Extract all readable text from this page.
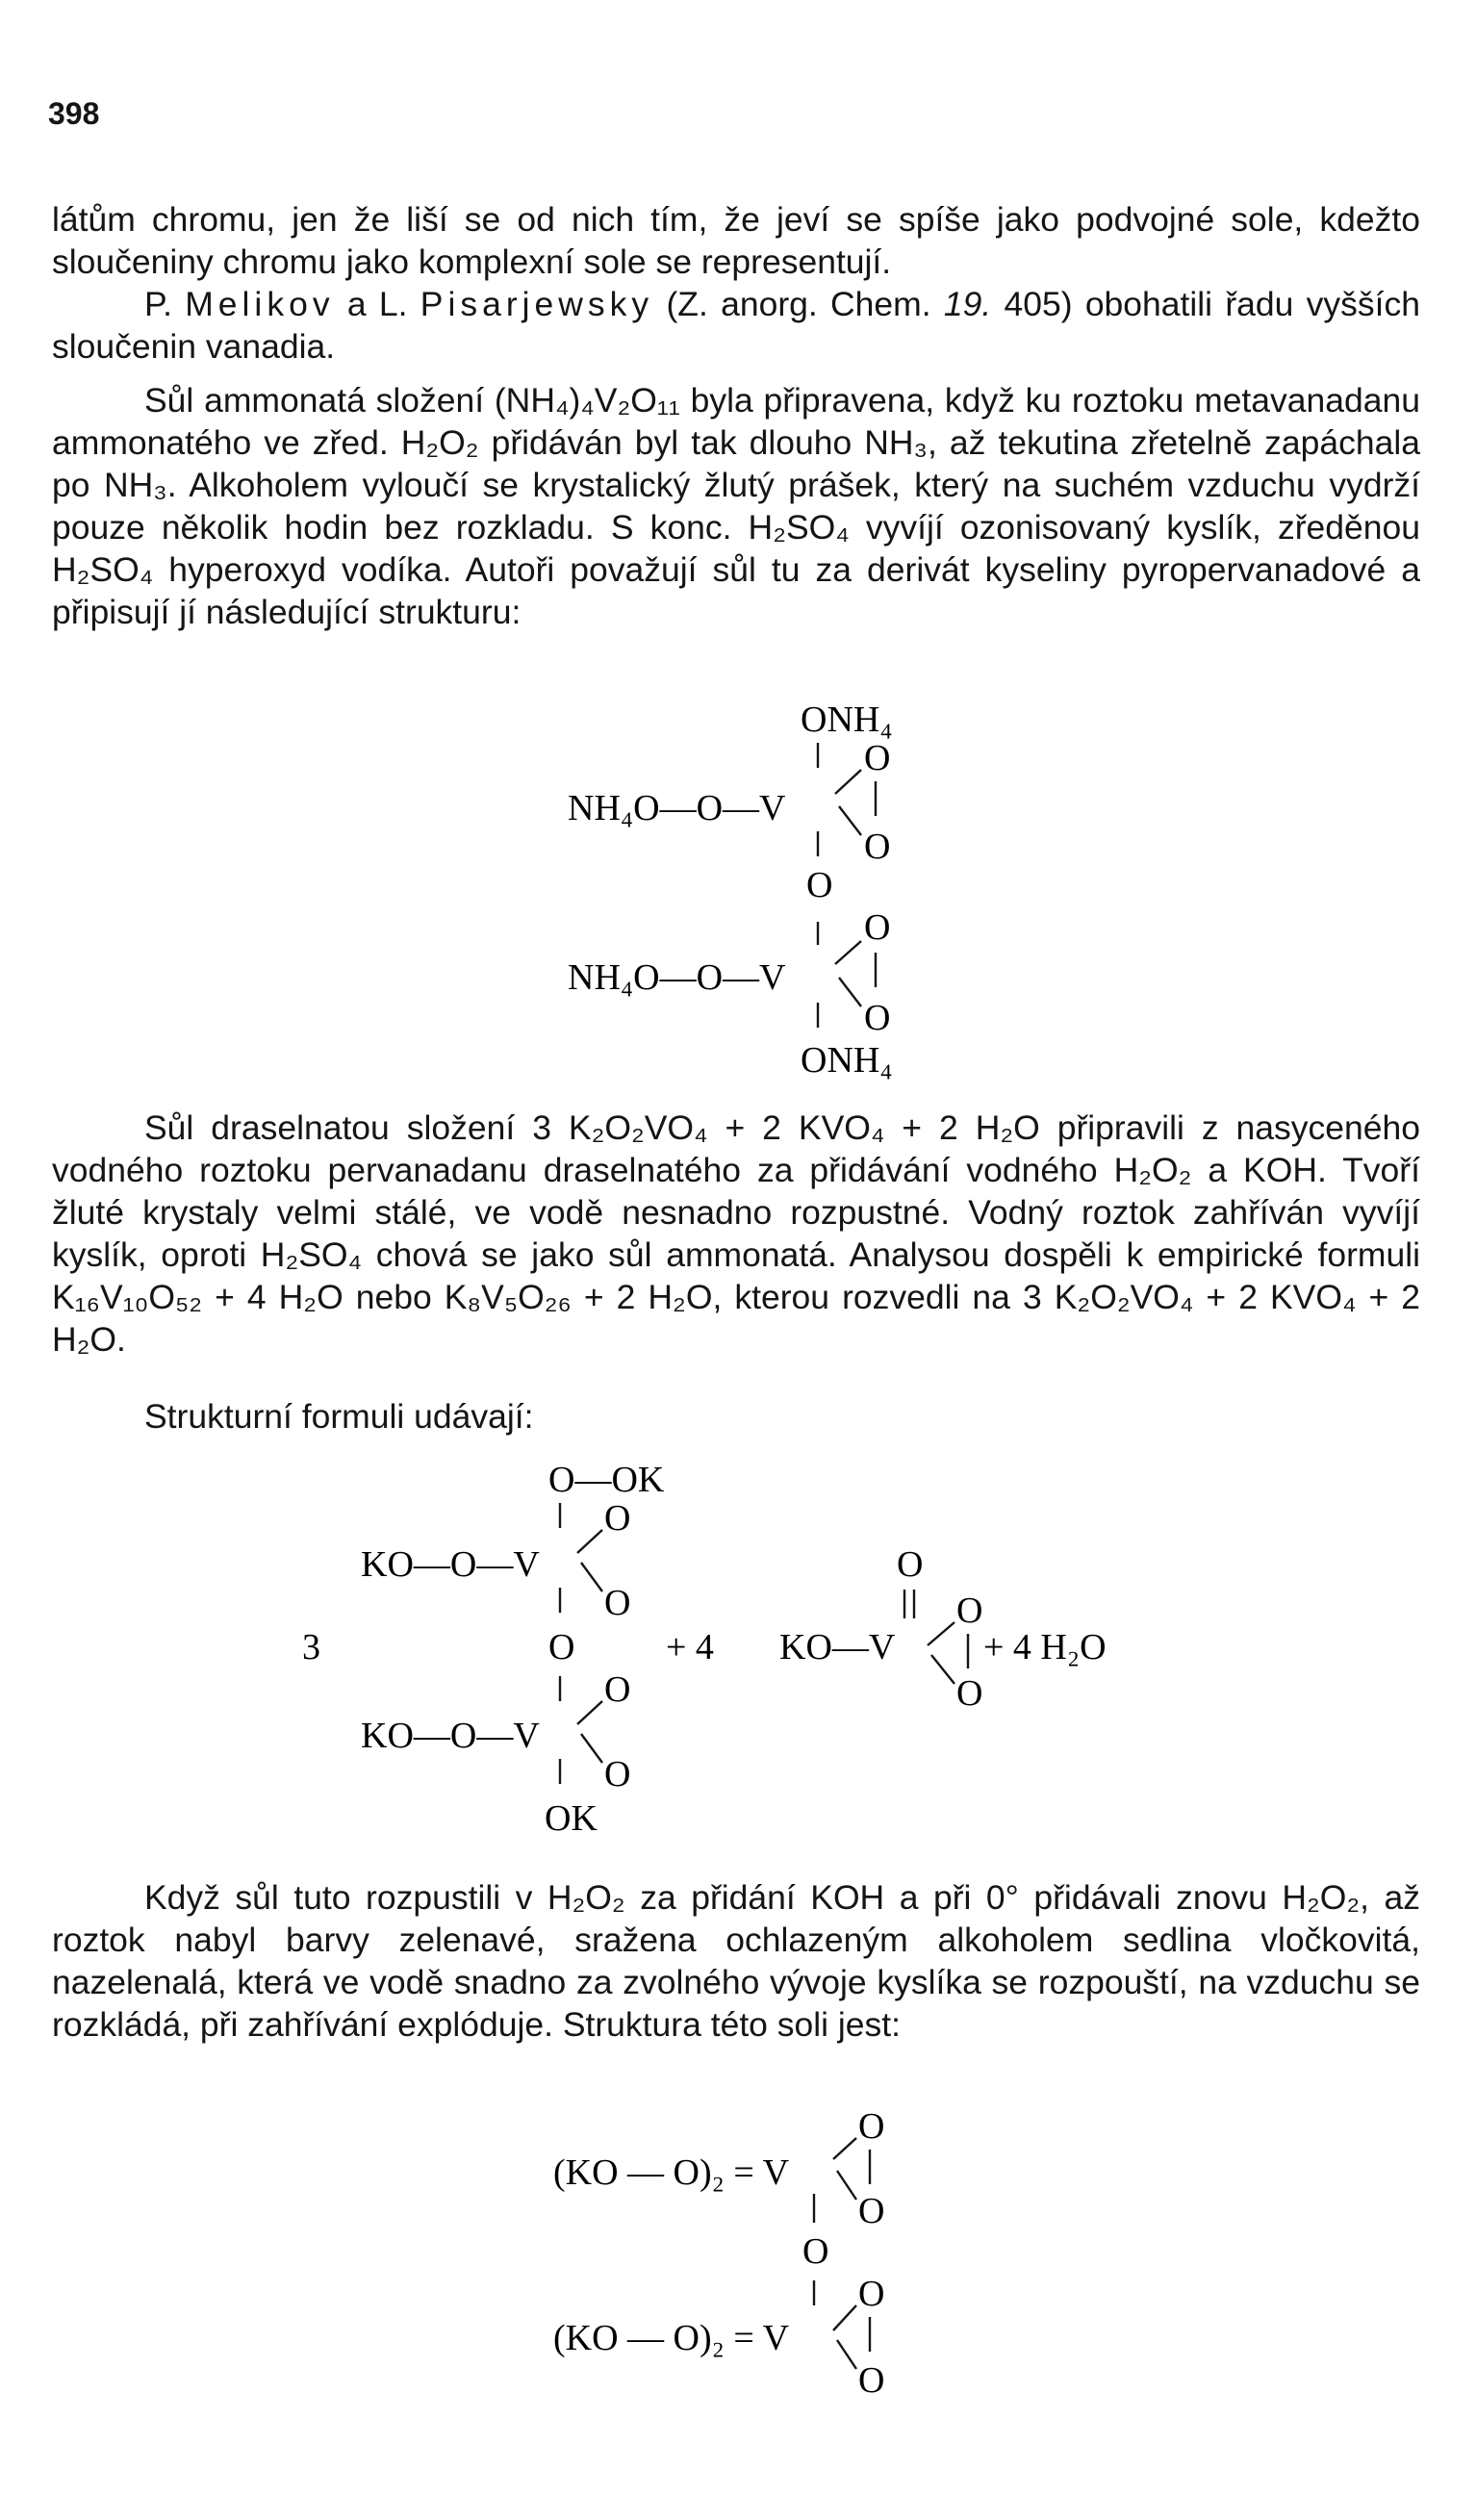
398

látům chromu, jen že liší se od nich tím, že jeví se spíše jako podvojné sole, kdežto sloučeniny chromu jako komplexní sole se representují.

P. Melikov a L. Pisarjewsky (Z. anorg. Chem. 19. 405) obohatili řadu vyšších sloučenin vanadia.

Sůl ammonatá složení (NH₄)₄V₂O₁₁ byla připravena, když ku roztoku metavanadanu ammonatého ve zřed. H₂O₂ přidáván byl tak dlouho NH₃, až tekutina zřetelně zapáchala po NH₃. Alkoholem vyloučí se krystalický žlutý prášek, který na suchém vzduchu vydrží pouze několik hodin bez rozkladu. S konc. H₂SO₄ vyvíjí ozonisovaný kyslík, zředěnou H₂SO₄ hyperoxyd vodíka. Autoři považují sůl tu za derivát kyseliny pyropervanadové a připisují jí následující strukturu:

ONH₄
O
NH₄O—O—V
O
O
O
NH₄O—O—V
O
ONH₄

Sůl draselnatou složení 3 K₂O₂VO₄ + 2 KVO₄ + 2 H₂O připravili z nasyceného vodného roztoku pervanadanu draselnatého za přidávání vodného H₂O₂ a KOH. Tvoří žluté krystaly velmi stálé, ve vodě nesnadno rozpustné. Vodný roztok zahříván vyvíjí kyslík, oproti H₂SO₄ chová se jako sůl ammonatá. Analysou dospěli k empirické formuli K₁₆V₁₀O₅₂ + 4 H₂O nebo K₈V₅O₂₆ + 2 H₂O, kterou rozvedli na 3 K₂O₂VO₄ + 2 KVO₄ + 2 H₂O.

Strukturní formuli udávají:

O—OK
O
KO—O—V
O
3	O
O
KO—O—V
O
OK
+ 4
O
KO—V
O
O
+ 4 H₂O

Když sůl tuto rozpustili v H₂O₂ za přidání KOH a při 0° přidávali znovu H₂O₂, až roztok nabyl barvy zelenavé, sražena ochlazeným alkoholem sedlina vločkovitá, nazelenalá, která ve vodě snadno za zvolného vývoje kyslíka se rozpouští, na vzduchu se rozkládá, při zahřívání explóduje. Struktura této soli jest:

O
(KO — O)₂ = V
O
O
O
(KO — O)₂ = V
O
